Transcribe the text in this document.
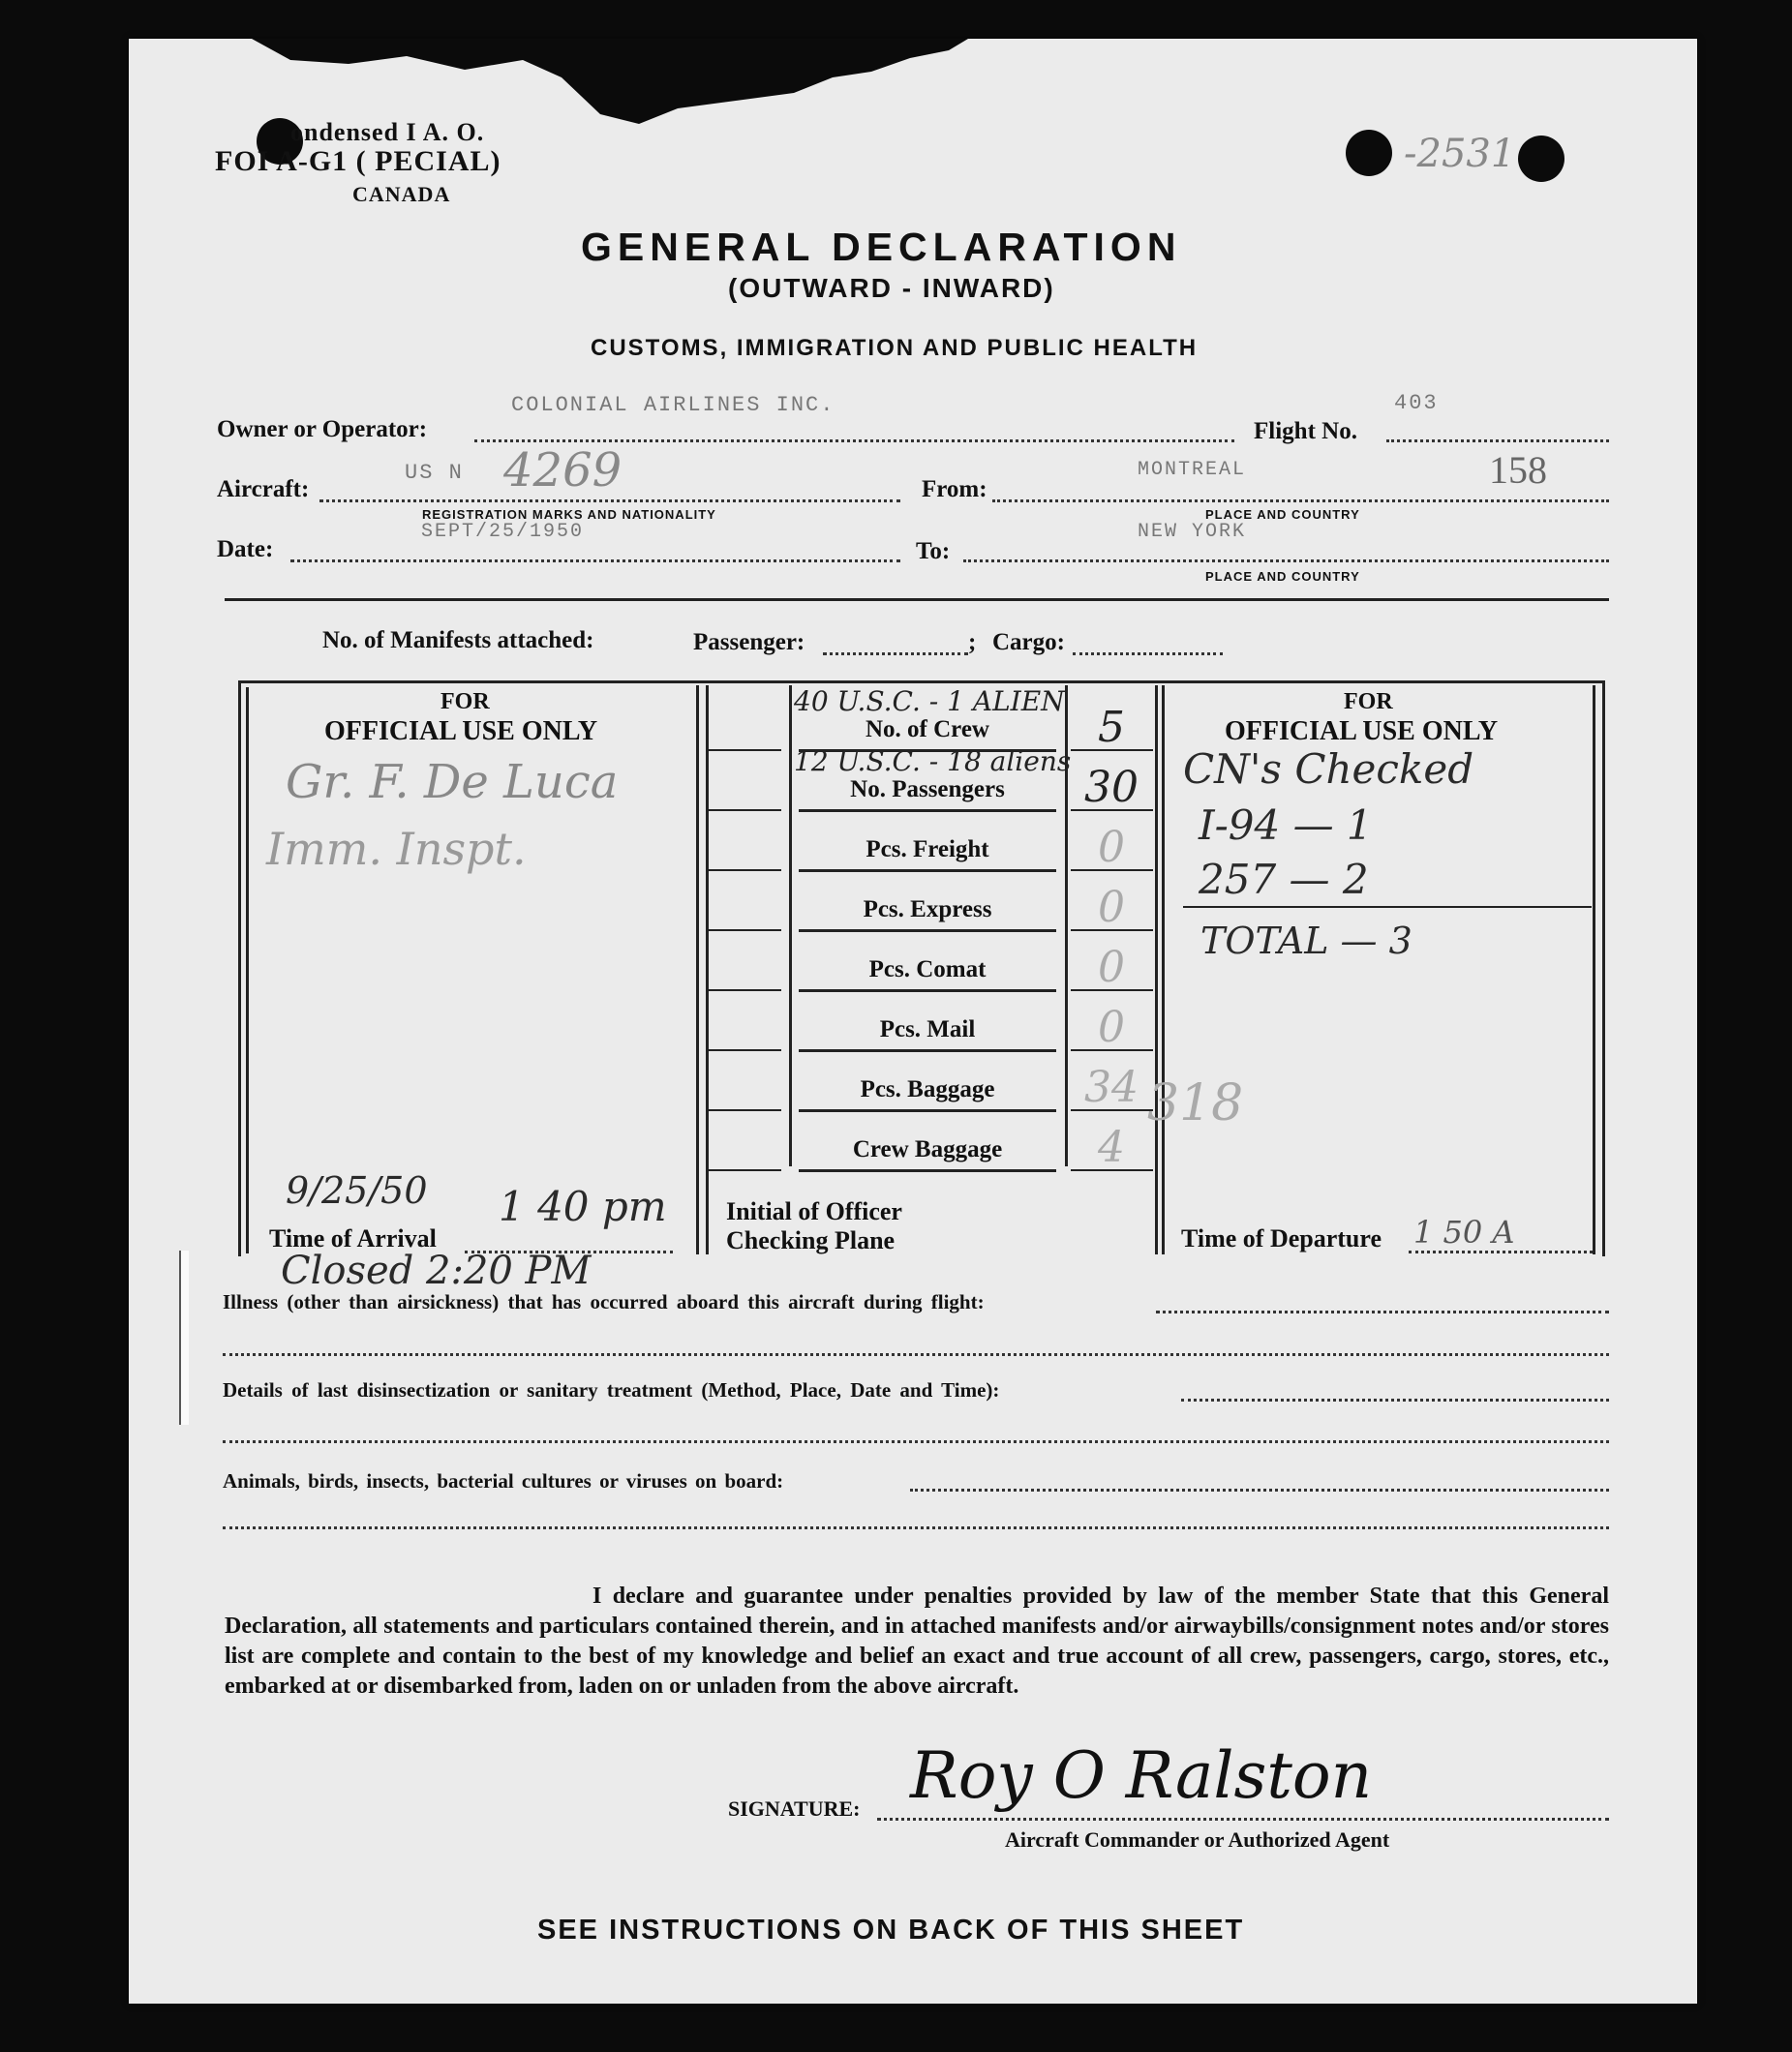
ondensed I A. O.
FOI A-G1 ( PECIAL)
CANADA
-2531
GENERAL DECLARATION
(OUTWARD - INWARD)
CUSTOMS, IMMIGRATION AND PUBLIC HEALTH
Owner or Operator:
COLONIAL AIRLINES INC.
Flight No.
403
Aircraft:
US N 4269
REGISTRATION MARKS AND NATIONALITY
From:
MONTREAL	158
PLACE AND COUNTRY
Date:
SEPT/25/1950
To:
NEW YORK
PLACE AND COUNTRY
No. of Manifests attached:	Passenger:	; Cargo:
FOR
OFFICIAL USE ONLY
Gr. F. De Luca
Imm. Inspt.
9/25/50 1 40 pm
Time of Arrival
Initial of Officer
Checking Plane
FOR
OFFICIAL USE ONLY
CN's Checked
I-94 — 1
257 — 2
TOTAL — 3
318
Time of Departure 1 50 A
No. of Crew	5
40 U.S.C. - 1 ALIEN
No. Passengers	30
12 U.S.C. - 18 aliens
Pcs. Freight	0
Pcs. Express	0
Pcs. Comat	0
Pcs. Mail	0
Pcs. Baggage	34
Crew Baggage	4
Closed 2:20 PM
Illness (other than airsickness) that has occurred aboard this aircraft during flight:
Details of last disinsectization or sanitary treatment (Method, Place, Date and Time):
Animals, birds, insects, bacterial cultures or viruses on board:
I declare and guarantee under penalties provided by law of the member State that this General Declaration, all statements and particulars contained therein, and in attached manifests and/or airwaybills/consignment notes and/or stores list are complete and contain to the best of my knowledge and belief an exact and true account of all crew, passengers, cargo, stores, etc., embarked at or disembarked from, laden on or unladen from the above aircraft.
SIGNATURE: Roy O Ralston
Aircraft Commander or Authorized Agent
SEE INSTRUCTIONS ON BACK OF THIS SHEET
